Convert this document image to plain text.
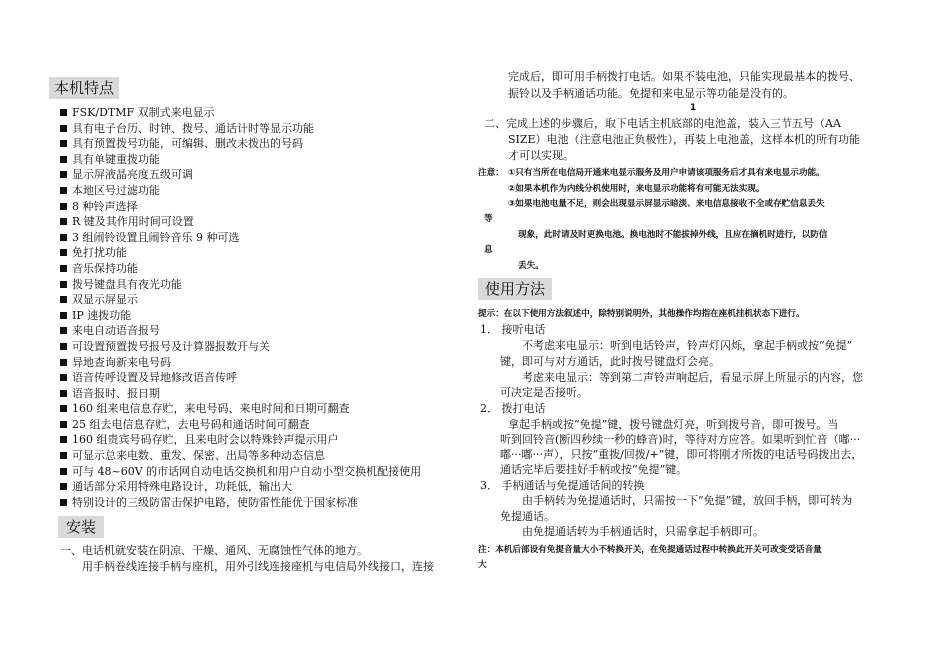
本机特点
FSK/DTMF 双制式来电显示
具有电子台历、时钟、拨号、通话计时等显示功能
具有预置拨号功能，可编辑、删改未拨出的号码
具有单键重拨功能
显示屏液晶亮度五级可调
本地区号过滤功能
8 种铃声选择
R 键及其作用时间可设置
3 组闹铃设置且闹铃音乐 9 种可选
免打扰功能
音乐保持功能
拨号键盘具有夜光功能
双显示屏显示
IP 速拨功能
来电自动语音报号
可设置预置拨号报号及计算器报数开与关
异地查询新来电号码
语音传呼设置及异地修改语音传呼
语音报时、报日期
160 组来电信息存贮，来电号码、来电时间和日期可翻查
25 组去电信息存贮，去电号码和通话时间可翻查
160 组贵宾号码存贮，且来电时会以特殊铃声提示用户
可显示总来电数、重发、保密、出局等多种动态信息
可与 48~60V 的市话网自动电话交换机和用户自动小型交换机配接使用
通话部分采用特殊电路设计，功耗低，输出大
特别设计的三级防雷击保护电路，使防雷性能优于国家标准
安装
一、电话机就安装在阴凉、干燥、通风、无腐蚀性气体的地方。
用手柄卷线连接手柄与座机，用外引线连接座机与电信局外线接口，连接
完成后，即可用手柄拨打电话。如果不装电池，只能实现最基本的拨号、
振铃以及手柄通话功能。免提和来电显示等功能是没有的。
1
二、完成上述的步骤后，取下电话主机底部的电池盖，装入三节五号（AA
SIZE）电池（注意电池正负极性），再装上电池盖，这样本机的所有功能
才可以实现。
注意： ①只有当所在电信局开通来电显示服务及用户申请该项服务后才具有来电显示功能。
②如果本机作为内线分机使用时，来电显示功能将有可能无法实现。
③如果电池电量不足，则会出现显示屏显示暗淡、来电信息接收不全或存贮信息丢失
等
现象，此时请及时更换电池。换电池时不能拔掉外线，且应在摘机时进行，以防信
息
丢失。
使用方法
提示：在以下使用方法叙述中，除特别说明外，其他操作均指在座机挂机状态下进行。
1． 接听电话
不考虑来电显示：听到电话铃声，铃声灯闪烁，拿起手柄或按“免提”
键，即可与对方通话，此时拨号键盘灯会亮。
考虑来电显示：等到第二声铃声响起后，看显示屏上所显示的内容，您
可决定是否接听。
2． 拨打电话
拿起手柄或按“免提”键，拨号键盘灯亮，听到拨号音，即可拨号。当
听到回铃音(断四秒续一秒的蜂音)时，等待对方应答。如果听到忙音（嘟···
嘟···嘟···声），只按“重拨/回拨/+”键，即可将刚才所拨的电话号码拨出去，
通话完毕后要挂好手柄或按“免提”键。
3． 手柄通话与免提通话间的转换
由手柄转为免提通话时，只需按一下“免提”键，放回手柄，即可转为
免提通话。
由免提通话转为手柄通话时，只需拿起手柄即可。
注：本机后部设有免提音量大小不转换开关，在免提通话过程中转换此开关可改变受话音量
大
